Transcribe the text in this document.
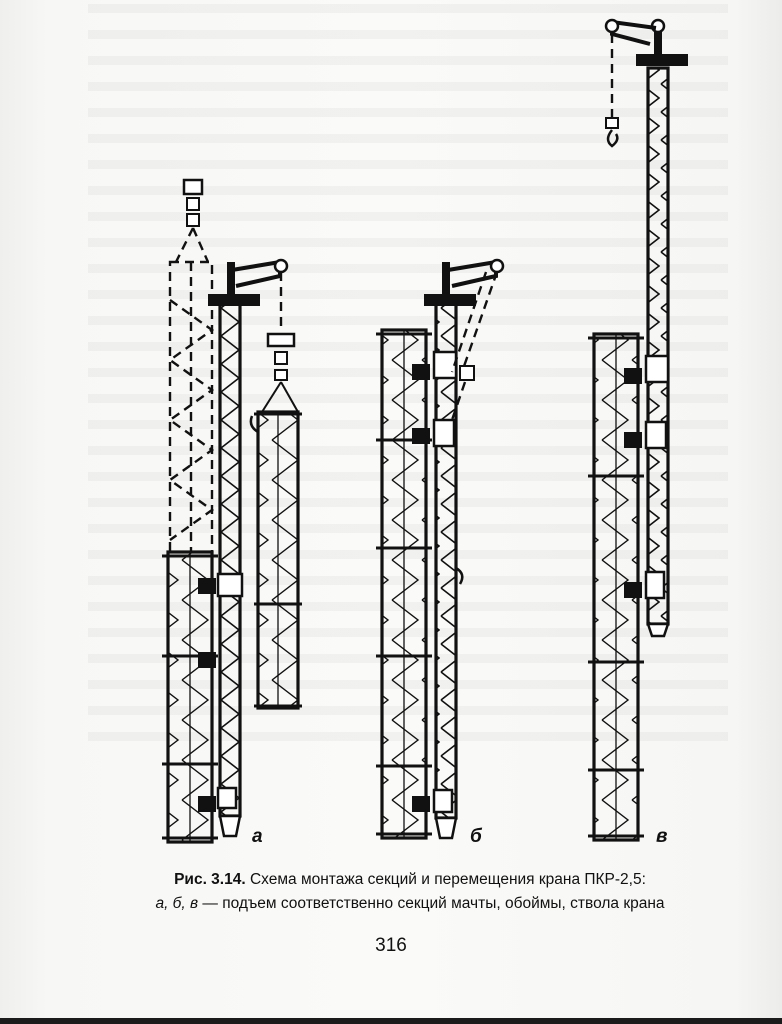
а	б	в
Рис. 3.14. Схема монтажа секций и перемещения крана ПКР-2,5:
а, б, в — подъем соответственно секций мачты, обоймы, ствола крана
316
